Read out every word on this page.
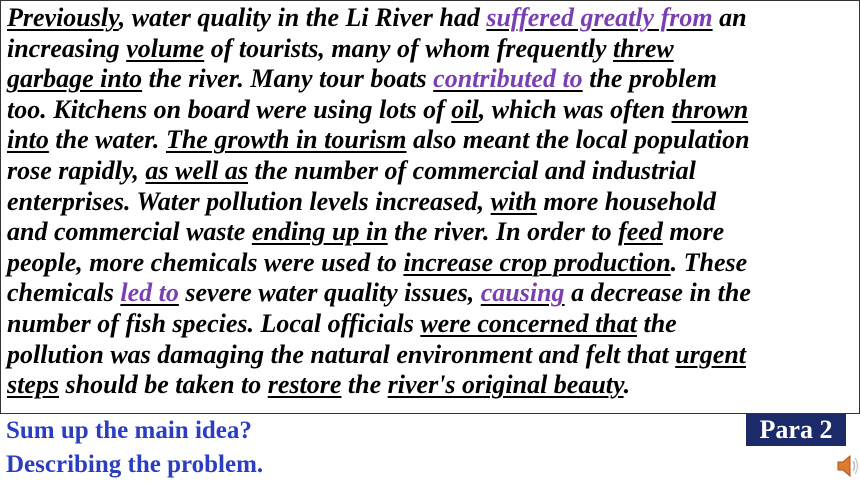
Previously, water quality in the Li River had suffered greatly from an
increasing volume of tourists, many of whom frequently threw
garbage into the river. Many tour boats contributed to the problem
too. Kitchens on board were using lots of oil, which was often thrown
into the water. The growth in tourism also meant the local population
rose rapidly, as well as the number of commercial and industrial
enterprises. Water pollution levels increased, with more household
and commercial waste ending up in the river. In order to feed more
people, more chemicals were used to increase crop production. These
chemicals led to severe water quality issues, causing a decrease in the
number of fish species. Local officials were concerned that the
pollution was damaging the natural environment and felt that urgent
steps should be taken to restore the river's original beauty.
Sum up the main idea?
Describing the problem.
Para 2
